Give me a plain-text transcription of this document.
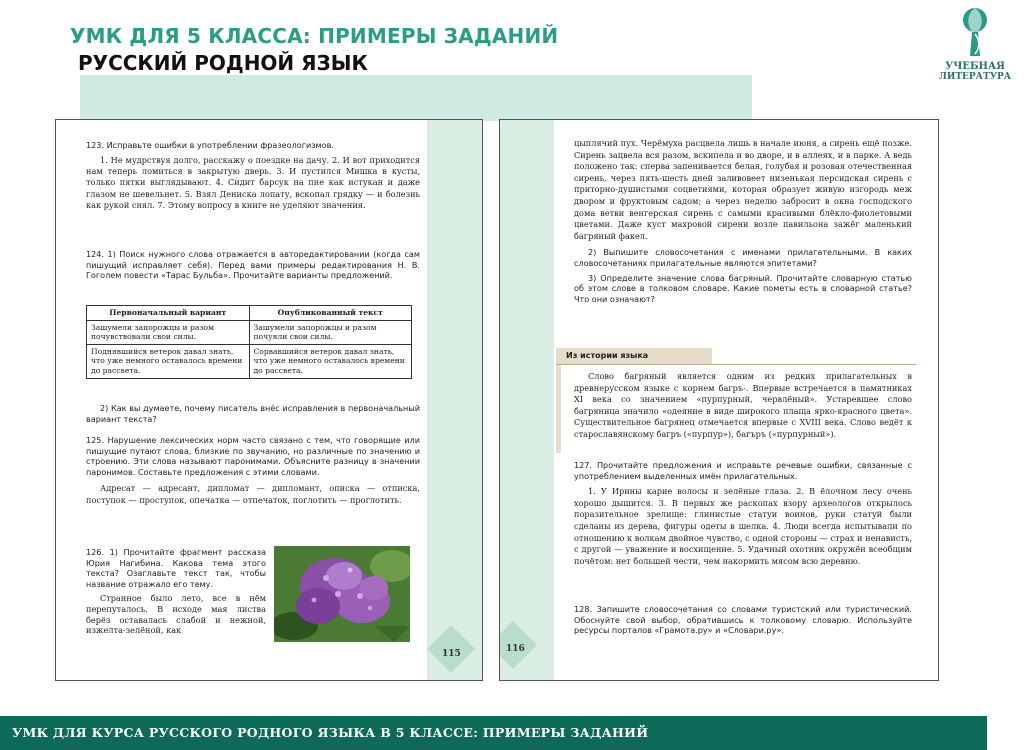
УМК ДЛЯ 5 КЛАССА: ПРИМЕРЫ ЗАДАНИЙ
РУССКИЙ РОДНОЙ ЯЗЫК	УЧЕБНАЯ
ЛИТЕРАТУРА
115

123. Исправьте ошибки в употреблении фразеологизмов.

1. Не мудрствуя долго, расскажу о поездке на дачу. 2. И вот приходится нам теперь ломиться в закрытую дверь. 3. И пустился Мишка в кусты, только пятки выглядывают. 4. Сидит барсук на пне как истукан и даже глазом не шевельнет. 5. Взял Дениска лопату, вскопал грядку — и болезнь как рукой снял. 7. Этому вопросу в книге не уделяют значения.

124. 1) Поиск нужного слова отражается в авторедактировании (когда сам пишущий исправляет себя). Перед вами примеры редактирования Н. В. Гоголем повести «Тарас Бульба». Прочитайте варианты предложений.

Первоначальный вариант	Опубликованный текст
Зашумели запорожцы и разом почувствовали свои силы.	Зашумели запорожцы и разом почуяли свои силы.
Поднявшийся ветерок давал знать, что уже немного оставалось времени до рассвета.	Сорвавшийся ветерок давал знать, что уже немного оставалось времени до рассвета.

2) Как вы думаете, почему писатель внёс исправления в первоначальный вариант текста?

125. Нарушение лексических норм часто связано с тем, что говорящие или пишущие путают слова, близкие по звучанию, но различные по значению и строению. Эти слова называют паронимами. Объясните разницу в значении паронимов. Составьте предложения с этими словами.

Адресат — адресант, дипломат — дипломант, описка — отписка, поступок — проступок, опечатка — отпечаток, поглотить — проглотить.

126. 1) Прочитайте фрагмент рассказа Юрия Нагибина. Какова тема этого текста? Озаглавьте текст так, чтобы название отражало его тему.

Странное было лето, все в нём перепуталось. В исходе мая листва берёз оставалась слабой и нежной, изжелта-зелёной, как

116

цыплячий пух. Черёмуха расцвела лишь в начале июня, а сирень ещё позже. Сирень зацвела вся разом, вскипела и во дворе, и в аллеях, и в парке. А ведь положено так: сперва запенивается белая, голубая и розовая отечественная сирень, через пять-шесть дней заливовеет низенькая персидская сирень с приторно-душистыми соцветиями, которая образует живую изгородь меж двором и фруктовым садом; а через неделю забросит в окна господского дома ветви венгерская сирень с самыми красивыми блёкло-фиолетовыми цветами. Даже куст махровой сирени возле павильона зажёг маленький багряный факел.

2) Выпишите словосочетания с именами прилагательными. В каких словосочетаниях прилагательные являются эпитетами?

3) Определите значение слова багряный. Прочитайте словарную статью об этом слове в толковом словаре. Какие пометы есть в словарной статье? Что они означают?

Из истории языка

Слово багряный является одним из редких прилагательных в древнерусском языке с корнем багръ-. Впервые встречается в памятниках XI века со значением «пурпурный, червлёный». Устаревшее слово багряница значило «одеяние в виде широкого плаща ярко-красного цвета». Существительное багрянец отмечается впервые с XVIII века. Слово ведёт к старославянскому багръ («пурпур»), багъръ («пурпурный»).

127. Прочитайте предложения и исправьте речевые ошибки, связанные с употреблением выделенных имён прилагательных.

1. У Ирины карие волосы и зелёные глаза. 2. В ёлочном лесу очень хорошо дышится. 3. В первых же раскопах взору археологов открылось поразительное зрелище: глинистые статуи воинов, руки статуй были сделаны из дерева, фигуры одеты в шелка. 4. Люди всегда испытывали по отношению к волкам двойное чувство, с одной стороны — страх и ненависть, с другой — уважение и восхищение. 5. Удачный охотник окружён всеобщим почётом: нет большей чести, чем накормить мясом всю деревню.

128. Запишите словосочетания со словами туристский или туристический. Обоснуйте свой выбор, обратившись к толковому словарю. Используйте ресурсы порталов «Грамота.ру» и «Словари.ру».

УМК ДЛЯ КУРСА РУССКОГО РОДНОГО ЯЗЫКА В 5 КЛАССЕ: ПРИМЕРЫ ЗАДАНИЙ
